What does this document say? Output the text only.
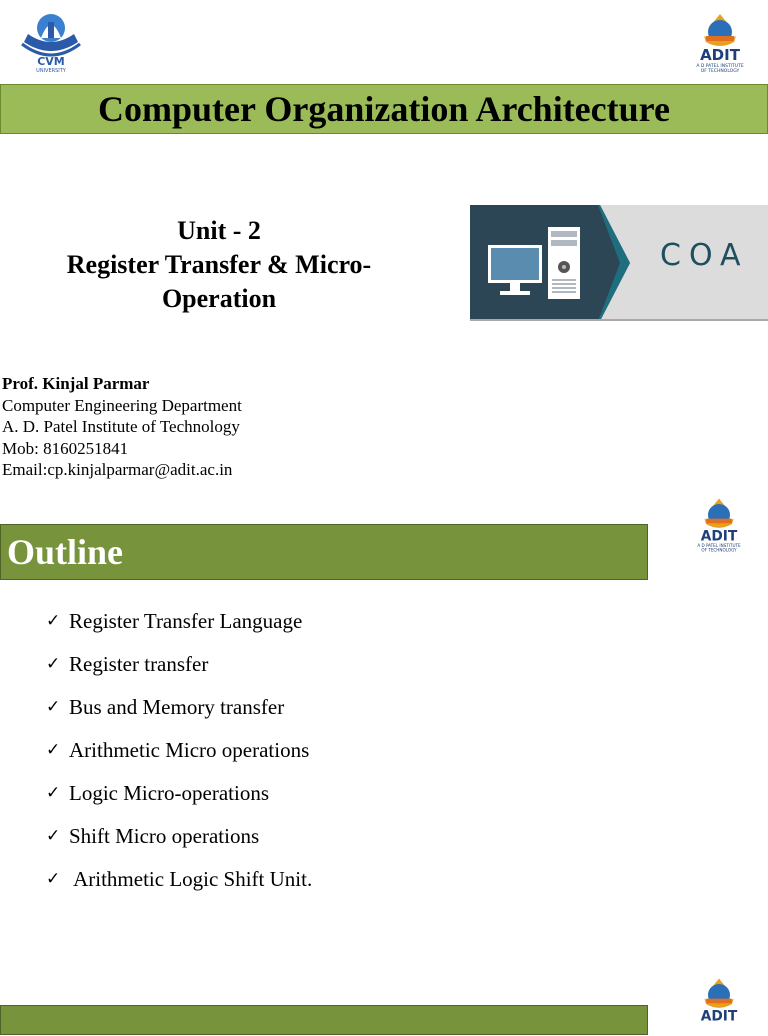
CVM
UNIVERSITY
ADIT
A D PATEL INSTITUTE
OF TECHNOLOGY
Computer Organization Architecture
Unit - 2
Register Transfer & Micro-
Operation
COA
Prof. Kinjal Parmar
Computer Engineering Department
A. D. Patel Institute of Technology
Mob: 8160251841
Email:cp.kinjalparmar@adit.ac.in
ADIT
A D PATEL INSTITUTE
OF TECHNOLOGY
Outline
✓ Register Transfer Language
✓ Register transfer
✓ Bus and Memory transfer
✓ Arithmetic Micro operations
✓ Logic Micro-operations
✓ Shift Micro operations
✓ Arithmetic Logic Shift Unit.
ADIT
